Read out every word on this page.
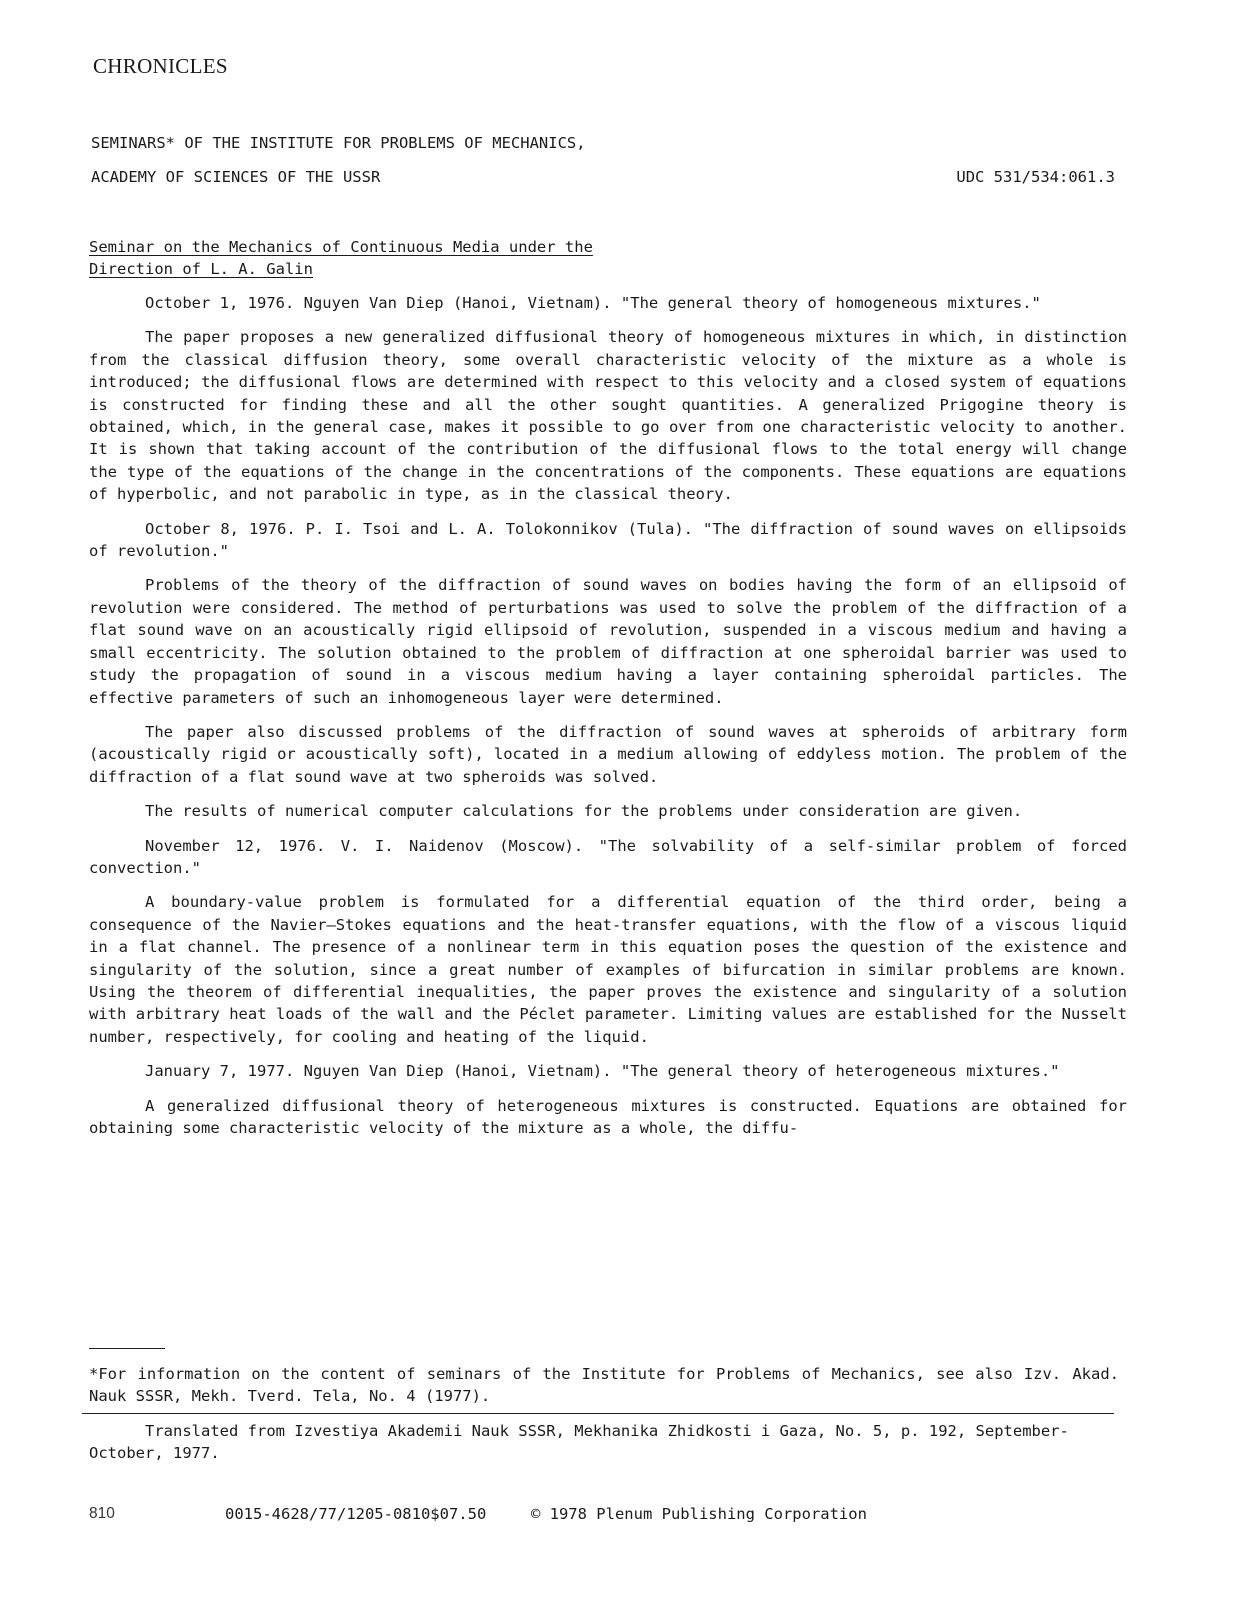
CHRONICLES
SEMINARS* OF THE INSTITUTE FOR PROBLEMS OF MECHANICS,
ACADEMY OF SCIENCES OF THE USSR	UDC 531/534:061.3
Seminar on the Mechanics of Continuous Media under the
Direction of L. A. Galin

October 1, 1976. Nguyen Van Diep (Hanoi, Vietnam). "The general theory of homogeneous mixtures."

The paper proposes a new generalized diffusional theory of homogeneous mixtures in which, in distinction from the classical diffusion theory, some overall characteristic velocity of the mixture as a whole is introduced; the diffusional flows are determined with respect to this velocity and a closed system of equations is constructed for finding these and all the other sought quantities. A generalized Prigogine theory is obtained, which, in the general case, makes it possible to go over from one characteristic velocity to another. It is shown that taking account of the contribution of the diffusional flows to the total energy will change the type of the equations of the change in the concentrations of the components. These equations are equations of hyperbolic, and not parabolic in type, as in the classical theory.

October 8, 1976. P. I. Tsoi and L. A. Tolokonnikov (Tula). "The diffraction of sound waves on ellipsoids of revolution."

Problems of the theory of the diffraction of sound waves on bodies having the form of an ellipsoid of revolution were considered. The method of perturbations was used to solve the problem of the diffraction of a flat sound wave on an acoustically rigid ellipsoid of revolution, suspended in a viscous medium and having a small eccentricity. The solution obtained to the problem of diffraction at one spheroidal barrier was used to study the propagation of sound in a viscous medium having a layer containing spheroidal particles. The effective parameters of such an inhomogeneous layer were determined.

The paper also discussed problems of the diffraction of sound waves at spheroids of arbitrary form (acoustically rigid or acoustically soft), located in a medium allowing of eddyless motion. The problem of the diffraction of a flat sound wave at two spheroids was solved.

The results of numerical computer calculations for the problems under consideration are given.

November 12, 1976. V. I. Naidenov (Moscow). "The solvability of a self-similar problem of forced convection."

A boundary-value problem is formulated for a differential equation of the third order, being a consequence of the Navier–Stokes equations and the heat-transfer equations, with the flow of a viscous liquid in a flat channel. The presence of a nonlinear term in this equation poses the question of the existence and singularity of the solution, since a great number of examples of bifurcation in similar problems are known. Using the theorem of differential inequalities, the paper proves the existence and singularity of a solution with arbitrary heat loads of the wall and the Péclet parameter. Limiting values are established for the Nusselt number, respectively, for cooling and heating of the liquid.

January 7, 1977. Nguyen Van Diep (Hanoi, Vietnam). "The general theory of heterogeneous mixtures."

A generalized diffusional theory of heterogeneous mixtures is constructed. Equations are obtained for obtaining some characteristic velocity of the mixture as a whole, the diffu-

*For information on the content of seminars of the Institute for Problems of Mechanics, see also Izv. Akad. Nauk SSSR, Mekh. Tverd. Tela, No. 4 (1977).
Translated from Izvestiya Akademii Nauk SSSR, Mekhanika Zhidkosti i Gaza, No. 5, p. 192, September-October, 1977.
810	0015-4628/77/1205-0810$07.50	© 1978 Plenum Publishing Corporation
